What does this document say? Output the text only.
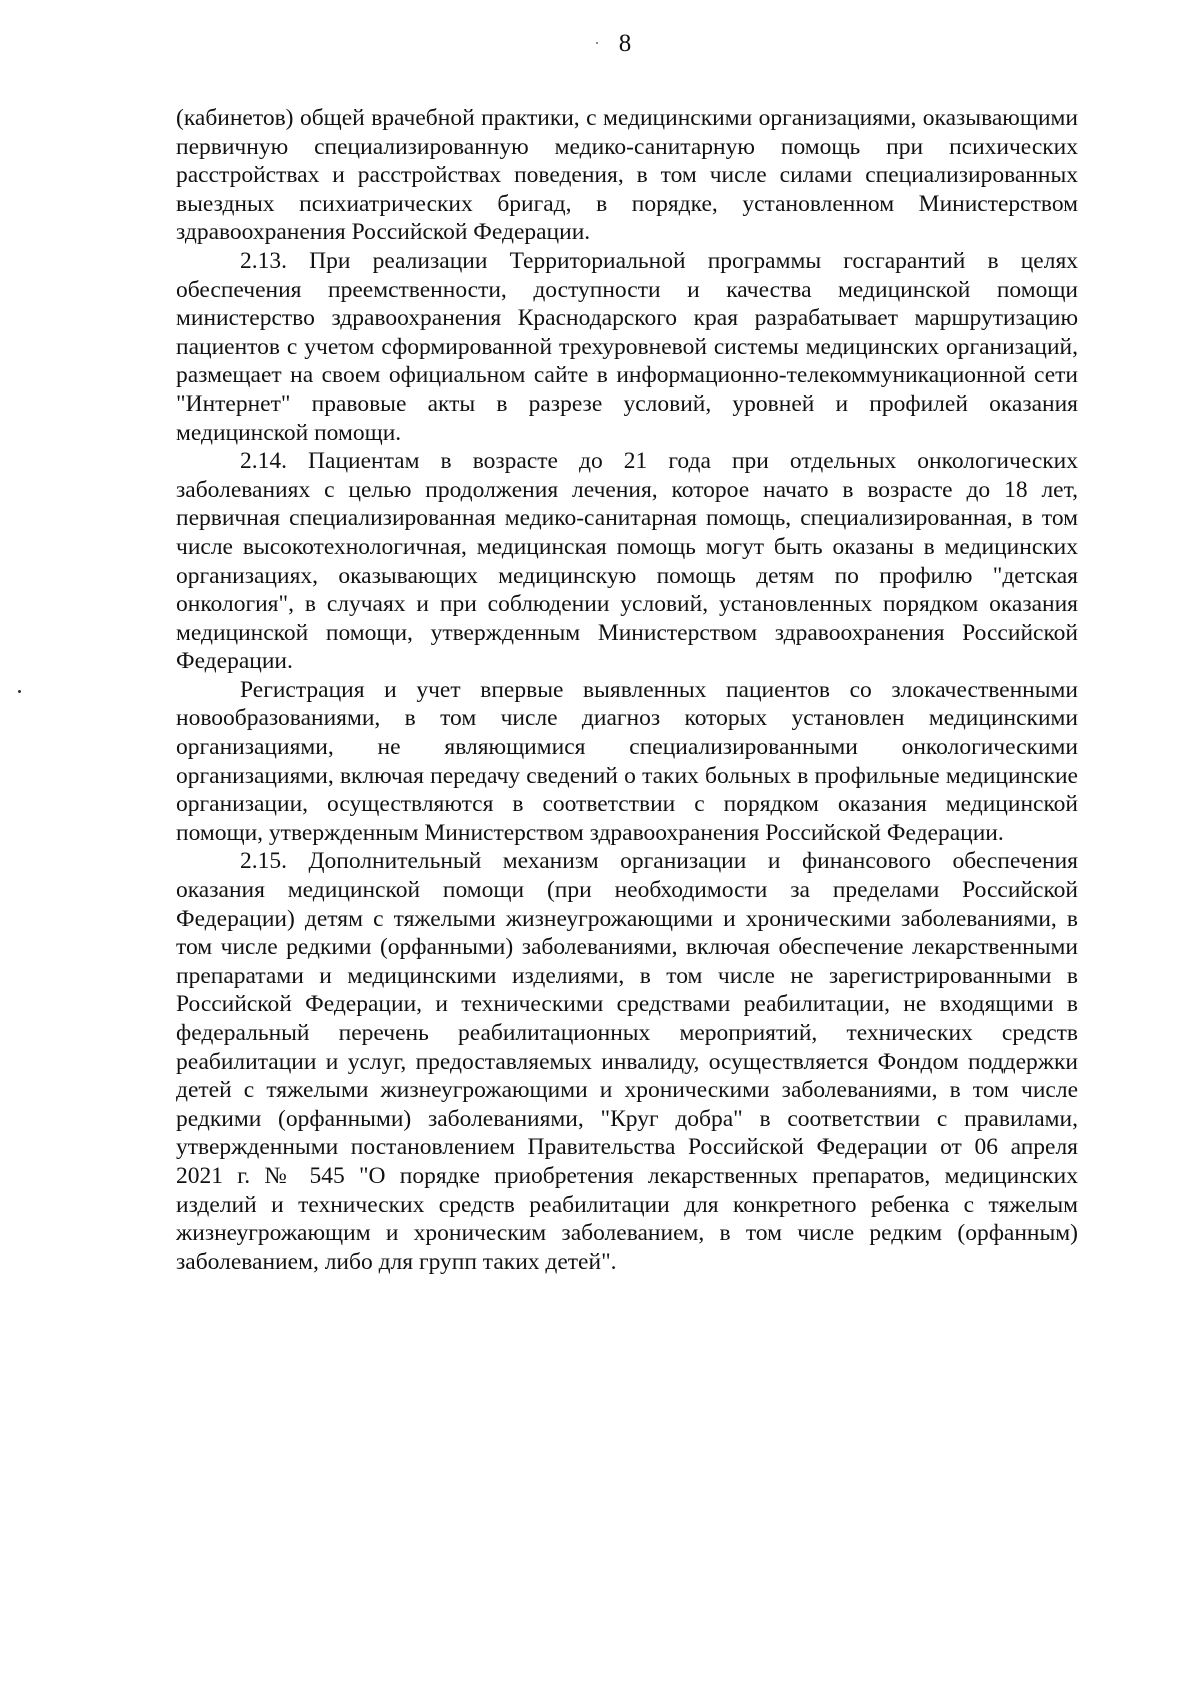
8

(кабинетов) общей врачебной практики, с медицинскими организациями, оказывающими первичную специализированную медико-санитарную помощь при психических расстройствах и расстройствах поведения, в том числе силами специализированных выездных психиатрических бригад, в порядке, установленном Министерством здравоохранения Российской Федерации.

2.13. При реализации Территориальной программы госгарантий в целях обеспечения преемственности, доступности и качества медицинской помощи министерство здравоохранения Краснодарского края разрабатывает маршрутизацию пациентов с учетом сформированной трехуровневой системы медицинских организаций, размещает на своем официальном сайте в информационно-телекоммуникационной сети "Интернет" правовые акты в разрезе условий, уровней и профилей оказания медицинской помощи.

2.14. Пациентам в возрасте до 21 года при отдельных онкологических заболеваниях с целью продолжения лечения, которое начато в возрасте до 18 лет, первичная специализированная медико-санитарная помощь, специализированная, в том числе высокотехнологичная, медицинская помощь могут быть оказаны в медицинских организациях, оказывающих медицинскую помощь детям по профилю "детская онкология", в случаях и при соблюдении условий, установленных порядком оказания медицинской помощи, утвержденным Министерством здравоохранения Российской Федерации.

Регистрация и учет впервые выявленных пациентов со злокачественными новообразованиями, в том числе диагноз которых установлен медицинскими организациями, не являющимися специализированными онкологическими организациями, включая передачу сведений о таких больных в профильные медицинские организации, осуществляются в соответствии с порядком оказания медицинской помощи, утвержденным Министерством здравоохранения Российской Федерации.

2.15. Дополнительный механизм организации и финансового обеспечения оказания медицинской помощи (при необходимости за пределами Российской Федерации) детям с тяжелыми жизнеугрожающими и хроническими заболеваниями, в том числе редкими (орфанными) заболеваниями, включая обеспечение лекарственными препаратами и медицинскими изделиями, в том числе не зарегистрированными в Российской Федерации, и техническими средствами реабилитации, не входящими в федеральный перечень реабилитационных мероприятий, технических средств реабилитации и услуг, предоставляемых инвалиду, осуществляется Фондом поддержки детей с тяжелыми жизнеугрожающими и хроническими заболеваниями, в том числе редкими (орфанными) заболеваниями, "Круг добра" в соответствии с правилами, утвержденными постановлением Правительства Российской Федерации от 06 апреля 2021 г. № 545 "О порядке приобретения лекарственных препаратов, медицинских изделий и технических средств реабилитации для конкретного ребенка с тяжелым жизнеугрожающим и хроническим заболеванием, в том числе редким (орфанным) заболеванием, либо для групп таких детей".
